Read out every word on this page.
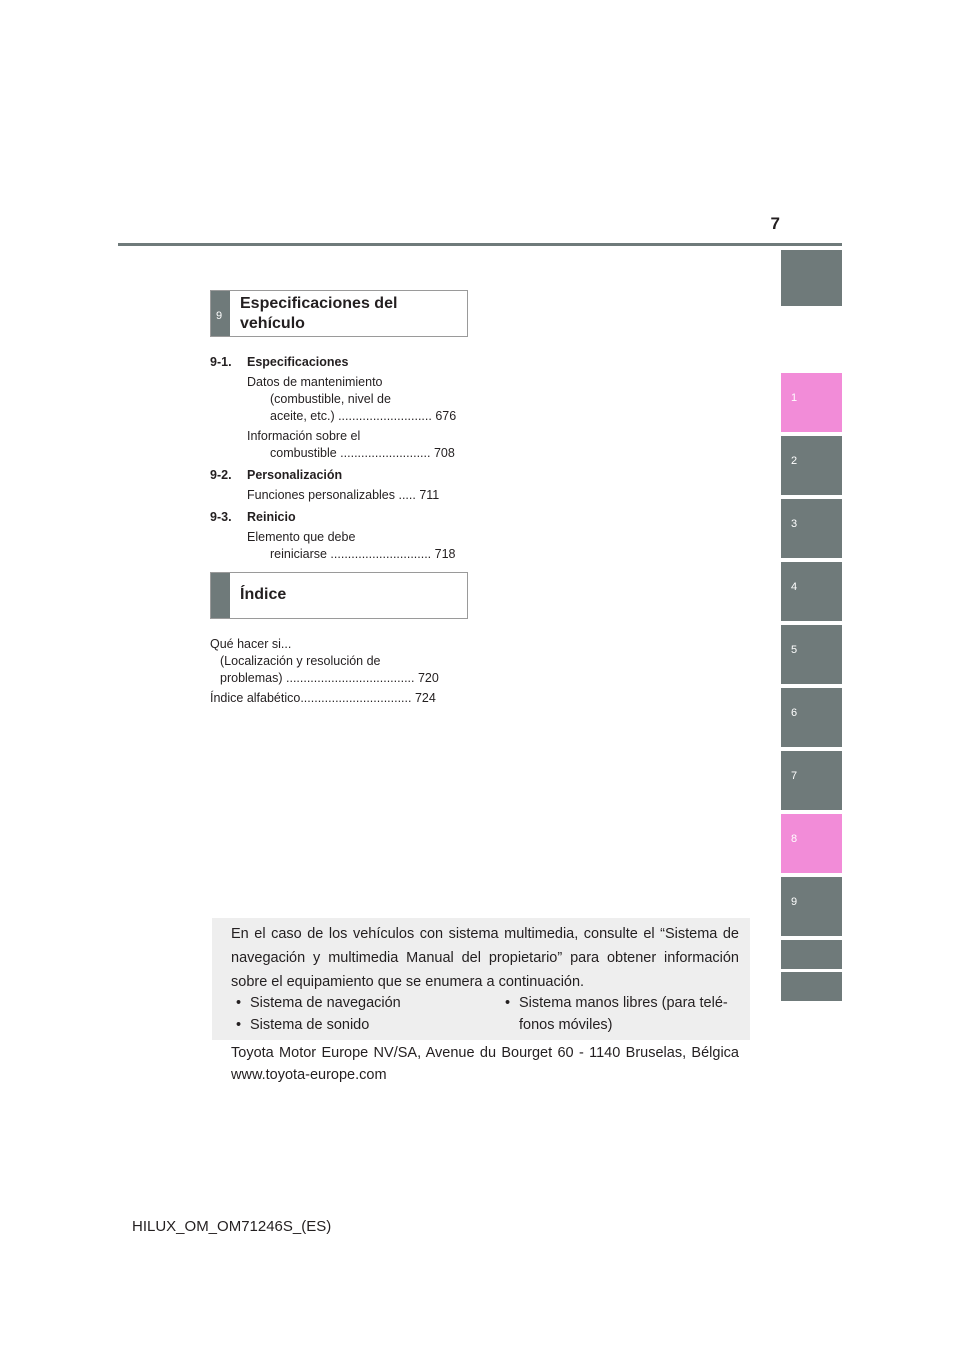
7
1
2
3
4
5
6
7
8
9
9
Especificaciones del
vehículo
9-1. Especificaciones
Datos de mantenimiento
(combustible, nivel de
aceite, etc.) ........................... 676
Información sobre el
combustible .......................... 708
9-2. Personalización
Funciones personalizables ..... 711
9-3. Reinicio
Elemento que debe
reiniciarse ............................. 718
Índice
Qué hacer si...
(Localización y resolución de
problemas) ..................................... 720
Índice alfabético................................ 724
En el caso de los vehículos con sistema multimedia, consulte el “Sistema de navegación y multimedia Manual del propietario” para obtener información sobre el equipamiento que se enumera a continuación.
• Sistema de navegación
• Sistema de sonido
• Sistema manos libres (para telé-
fonos móviles)
Toyota Motor Europe NV/SA, Avenue du Bourget 60 - 1140 Bruselas, Bélgica www.toyota-europe.com
HILUX_OM_OM71246S_(ES)
